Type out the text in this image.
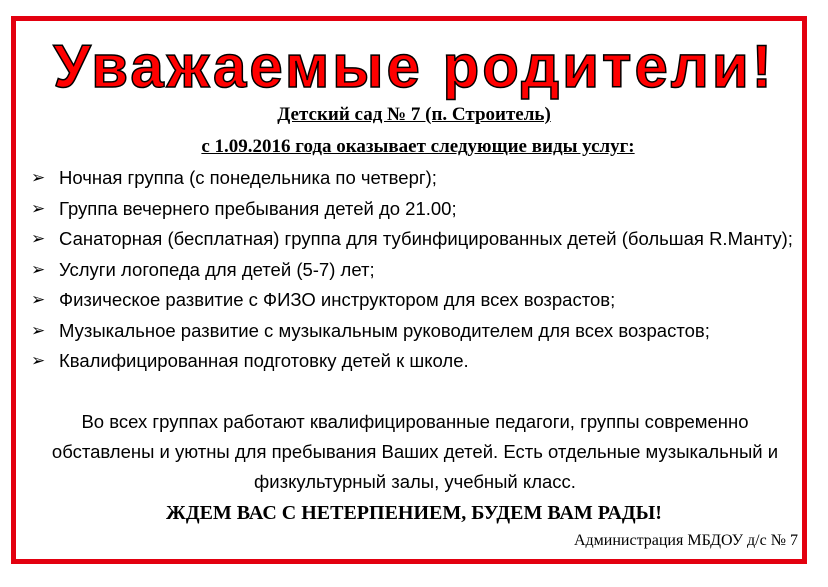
Уважаемые родители!
Детский сад № 7 (п. Строитель)
с 1.09.2016 года оказывает следующие виды услуг:
➢ Ночная группа (с понедельника по четверг);
➢ Группа вечернего пребывания детей до 21.00;
➢ Санаторная (бесплатная) группа для тубинфицированных детей (большая R.Манту);
➢ Услуги логопеда для детей (5-7) лет;
➢ Физическое развитие с ФИЗО инструктором для всех возрастов;
➢ Музыкальное развитие с музыкальным руководителем для всех возрастов;
➢ Квалифицированная подготовку детей к школе.
Во всех группах работают квалифицированные педагоги, группы современно обставлены и уютны для пребывания Ваших детей. Есть отдельные музыкальный и физкультурный залы, учебный класс.
ЖДЕМ ВАС С НЕТЕРПЕНИЕМ, БУДЕМ ВАМ РАДЫ!
Администрация МБДОУ д/с № 7
